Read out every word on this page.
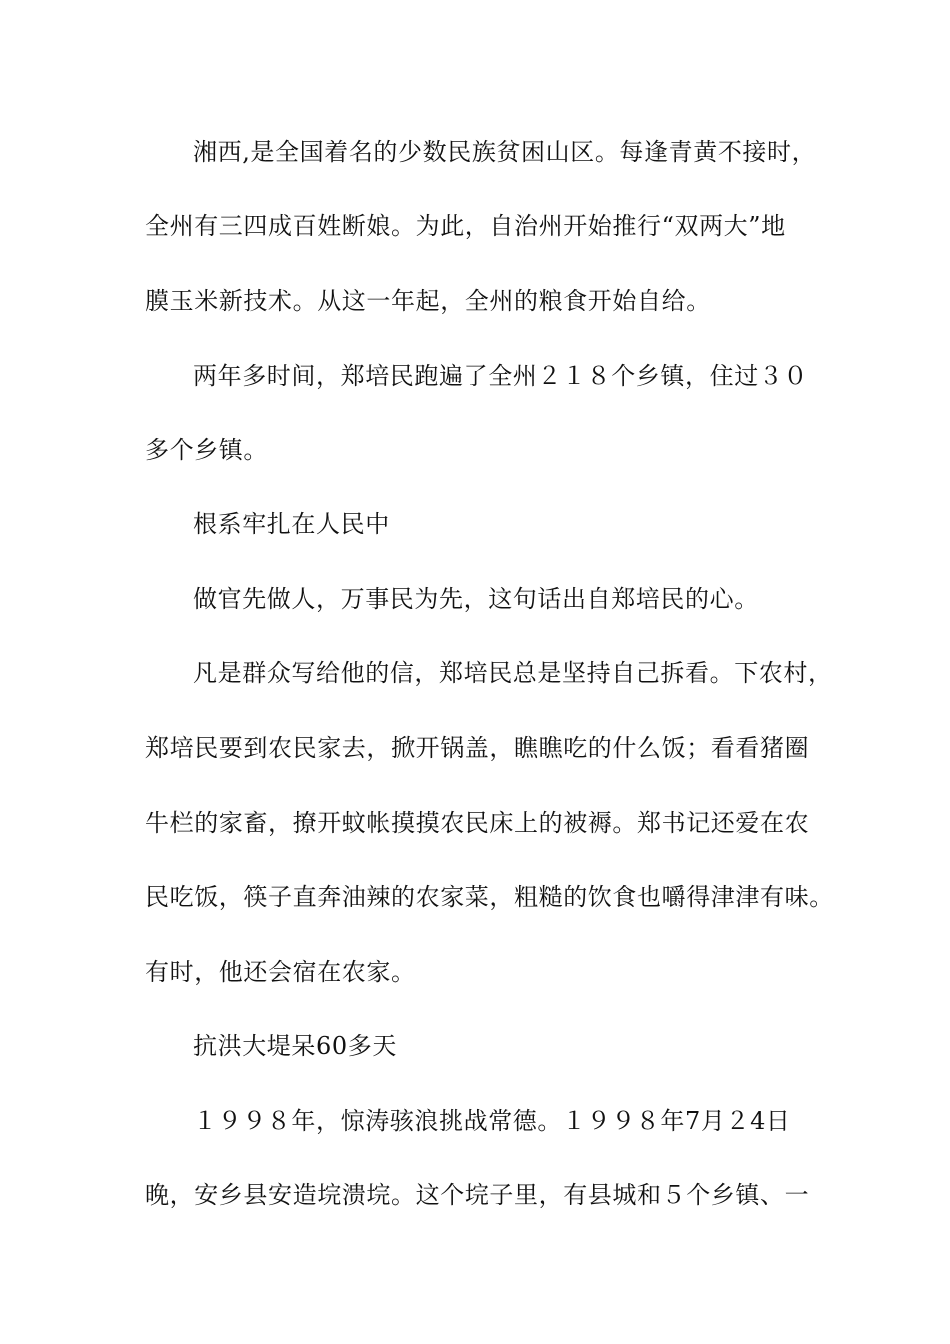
湘西,是全国着名的少数民族贫困山区。每逢青黄不接时，
全州有三四成百姓断娘。为此，自治州开始推行“双两大”地
膜玉米新技术。从这一年起，全州的粮食开始自给。
两年多时间，郑培民跑遍了全州２１８个乡镇，住过３０
多个乡镇。
根系牢扎在人民中
做官先做人，万事民为先，这句话出自郑培民的心。
凡是群众写给他的信，郑培民总是坚持自己拆看。下农村，
郑培民要到农民家去，掀开锅盖，瞧瞧吃的什么饭；看看猪圈
牛栏的家畜，撩开蚊帐摸摸农民床上的被褥。郑书记还爱在农
民吃饭，筷子直奔油辣的农家菜，粗糙的饮食也嚼得津津有味。
有时，他还会宿在农家。
抗洪大堤呆60多天
１９９８年，惊涛骇浪挑战常德。１９９８年7月２4日
晚，安乡县安造垸溃垸。这个垸子里，有县城和５个乡镇、一
